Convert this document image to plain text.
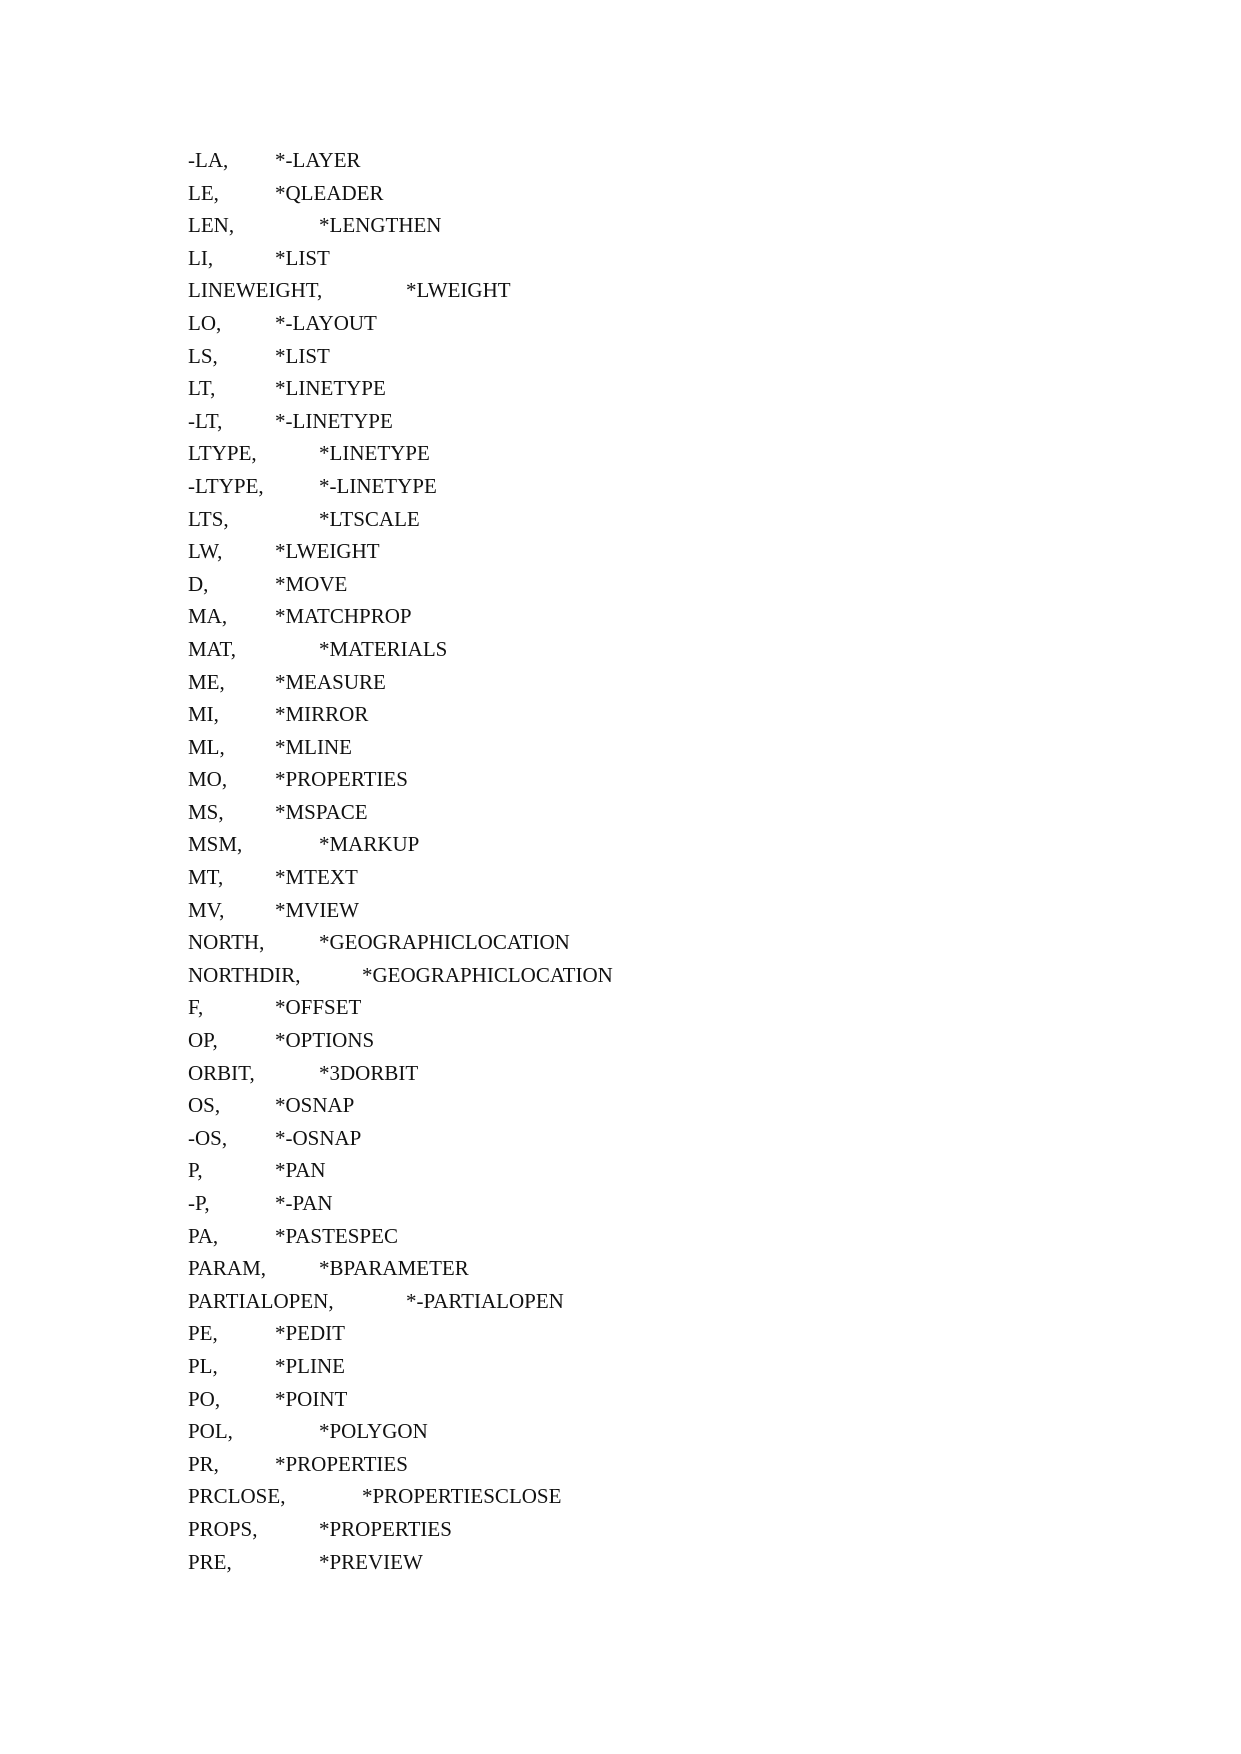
-LA, *-LAYER
LE,	*QLEADER
LEN,	*LENGTHEN
LI,	*LIST
LINEWEIGHT,	*LWEIGHT
LO,	*-LAYOUT
LS,	*LIST
LT,	*LINETYPE
-LT,	*-LINETYPE
LTYPE,	*LINETYPE
-LTYPE,	*-LINETYPE
LTS,	*LTSCALE
LW,	*LWEIGHT
D,	*MOVE
MA, *MATCHPROP
MAT,	*MATERIALS
ME, *MEASURE
MI,	*MIRROR
ML, *MLINE
MO, *PROPERTIES
MS, *MSPACE
MSM,	*MARKUP
MT, *MTEXT
MV, *MVIEW
NORTH,	*GEOGRAPHICLOCATION
NORTHDIR,	*GEOGRAPHICLOCATION
F,	*OFFSET
OP,	*OPTIONS
ORBIT,	*3DORBIT
OS,	*OSNAP
-OS, *-OSNAP
P,	*PAN
-P,	*-PAN
PA,	*PASTESPEC
PARAM,	*BPARAMETER
PARTIALOPEN,	*-PARTIALOPEN
PE,	*PEDIT
PL,	*PLINE
PO,	*POINT
POL,	*POLYGON
PR,	*PROPERTIES
PRCLOSE,	*PROPERTIESCLOSE
PROPS,	*PROPERTIES
PRE,	*PREVIEW
